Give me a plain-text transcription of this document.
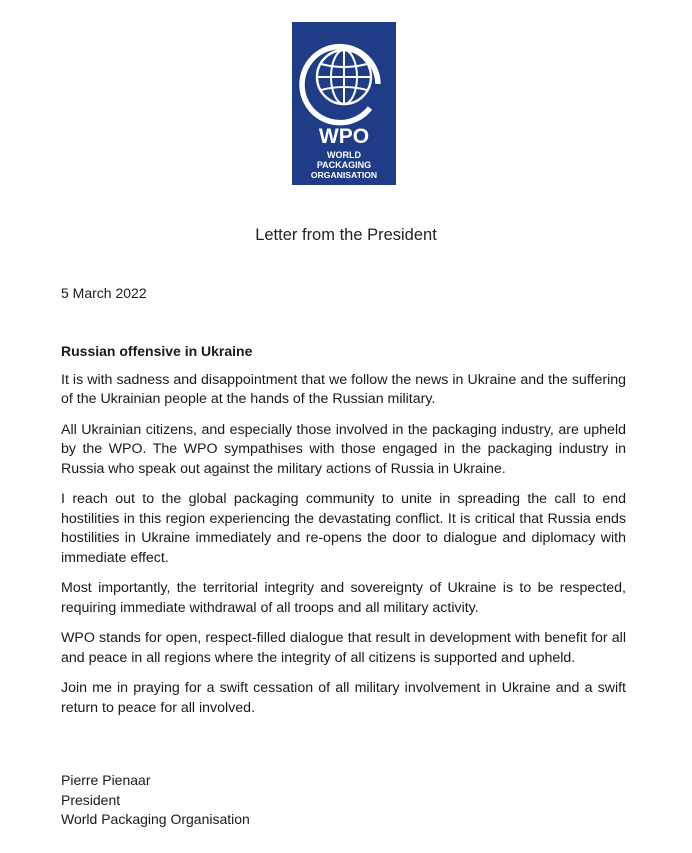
WPO
WORLD
PACKAGING
ORGANISATION
Letter from the President
5 March 2022
Russian offensive in Ukraine

It is with sadness and disappointment that we follow the news in Ukraine and the suffering of the Ukrainian people at the hands of the Russian military.

All Ukrainian citizens, and especially those involved in the packaging industry, are upheld by the WPO. The WPO sympathises with those engaged in the packaging industry in Russia who speak out against the military actions of Russia in Ukraine.

I reach out to the global packaging community to unite in spreading the call to end hostilities in this region experiencing the devastating conflict. It is critical that Russia ends hostilities in Ukraine immediately and re-opens the door to dialogue and diplomacy with immediate effect.

Most importantly, the territorial integrity and sovereignty of Ukraine is to be respected, requiring immediate withdrawal of all troops and all military activity.

WPO stands for open, respect-filled dialogue that result in development with benefit for all and peace in all regions where the integrity of all citizens is supported and upheld.

Join me in praying for a swift cessation of all military involvement in Ukraine and a swift return to peace for all involved.

Pierre Pienaar
President
World Packaging Organisation
